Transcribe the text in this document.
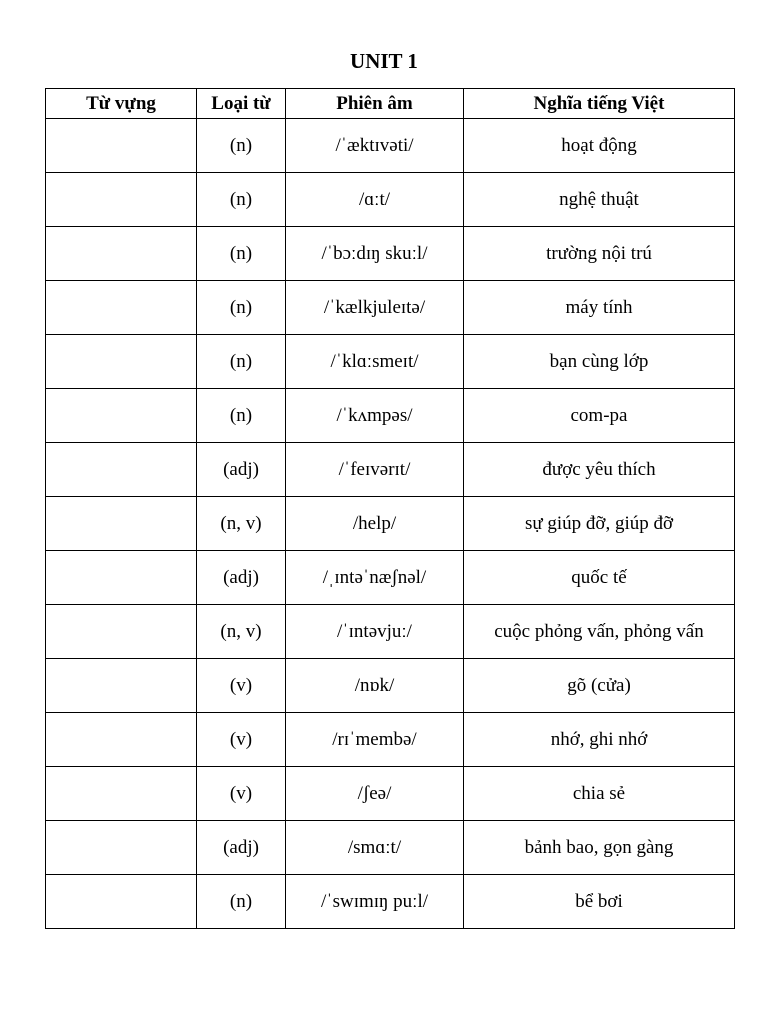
UNIT 1
Từ vựng	Loại từ	Phiên âm	Nghĩa tiếng Việt
	(n)	/ˈæktɪvəti/	hoạt động
	(n)	/ɑːt/	nghệ thuật
	(n)	/ˈbɔːdɪŋ skuːl/	trường nội trú
	(n)	/ˈkælkjuleɪtə/	máy tính
	(n)	/ˈklɑːsmeɪt/	bạn cùng lớp
	(n)	/ˈkʌmpəs/	com-pa
	(adj)	/ˈfeɪvərɪt/	được yêu thích
	(n, v)	/help/	sự giúp đỡ, giúp đỡ
	(adj)	/ˌɪntəˈnæʃnəl/	quốc tế
	(n, v)	/ˈɪntəvjuː/	cuộc phỏng vấn, phỏng vấn
	(v)	/nɒk/	gõ (cửa)
	(v)	/rɪˈmembə/	nhớ, ghi nhớ
	(v)	/ʃeə/	chia sẻ
	(adj)	/smɑːt/	bảnh bao, gọn gàng
	(n)	/ˈswɪmɪŋ puːl/	bể bơi
